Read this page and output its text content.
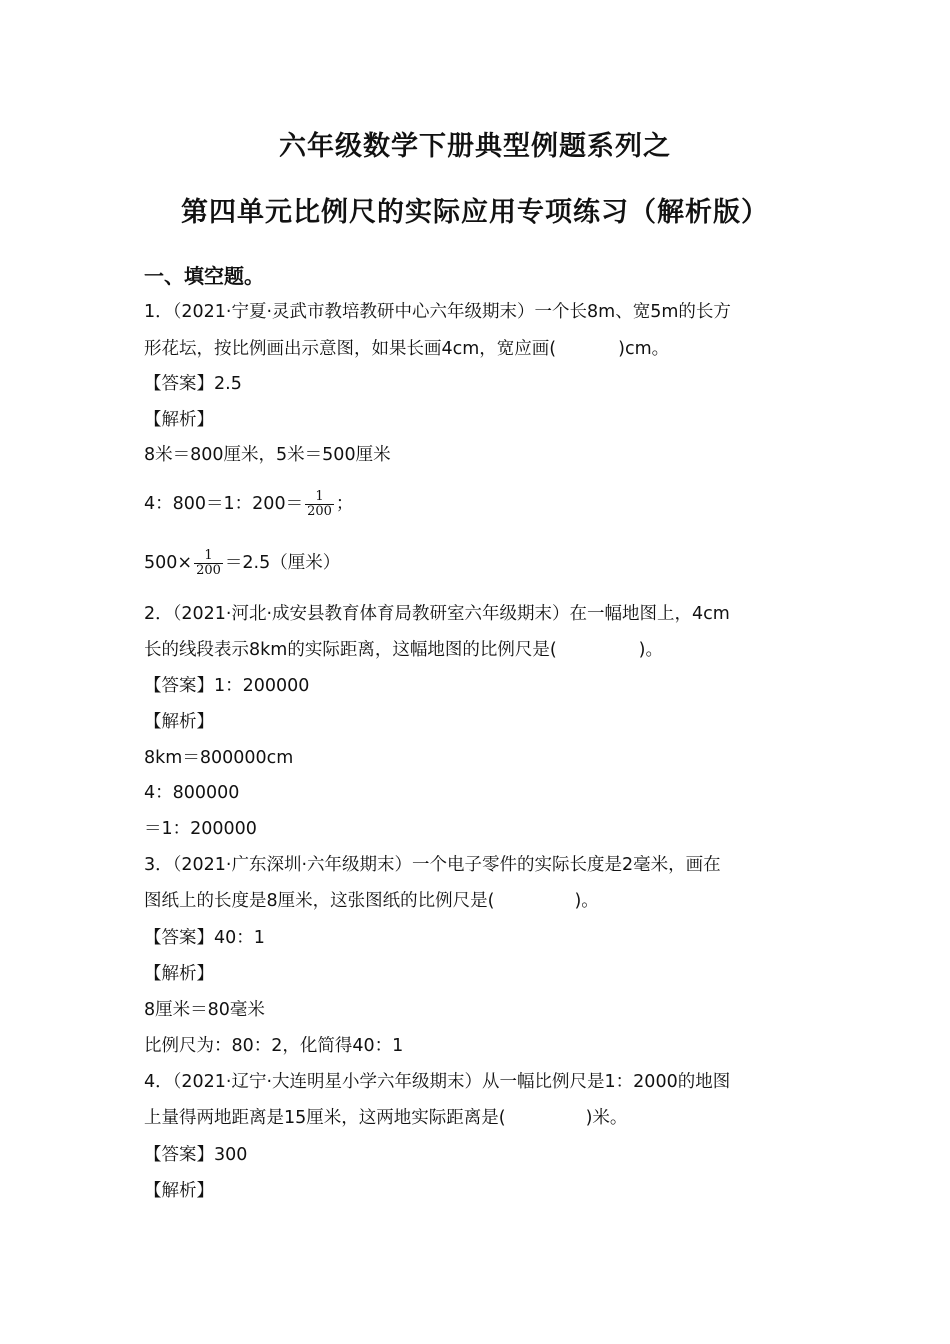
六年级数学下册典型例题系列之
第四单元比例尺的实际应用专项练习（解析版）
一、填空题。
1．（2021·宁夏·灵武市教培教研中心六年级期末）一个长8m、宽5m的长方
形花坛，按比例画出示意图，如果长画4cm，宽应画(	)cm。
【答案】2.5
【解析】
8米＝800厘米，5米＝500厘米
4：800＝1：$200= \frac{1}{200}$ ；
$500\times \frac{1}{200} =2.5$（厘米）
2．（2021·河北·成安县教育体育局教研室六年级期末）在一幅地图上，4cm
长的线段表示8km的实际距离，这幅地图的比例尺是(	)。
【答案】1：200000
【解析】
8km＝800000cm
4：800000
＝1：200000
3．（2021·广东深圳·六年级期末）一个电子零件的实际长度是2毫米，画在
图纸上的长度是8厘米，这张图纸的比例尺是(	)。
【答案】40：1
【解析】
8厘米＝80毫米
比例尺为：80：2，化简得40：1
4．（2021·辽宁·大连明星小学六年级期末）从一幅比例尺是1：2000的地图
上量得两地距离是15厘米，这两地实际距离是(	)米。
【答案】300
【解析】
